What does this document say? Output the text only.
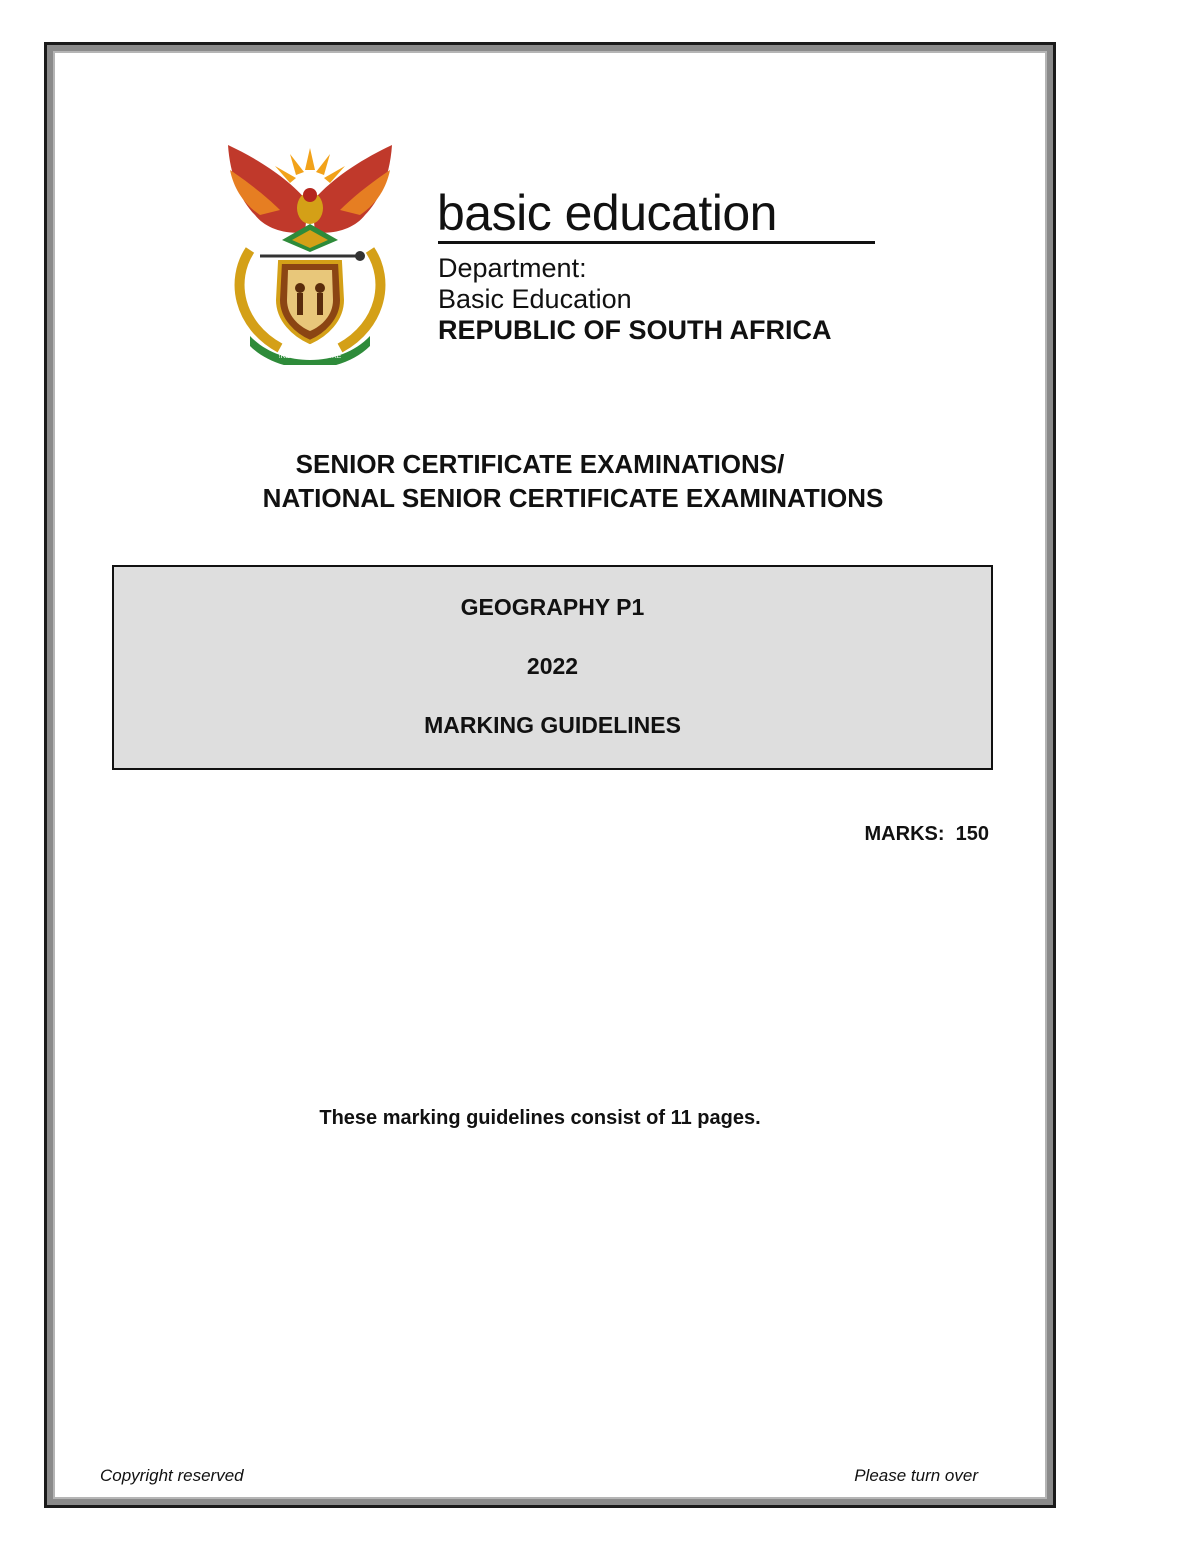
!KE E: /XARRA //KE
basic education
Department:
Basic Education
REPUBLIC OF SOUTH AFRICA
SENIOR CERTIFICATE EXAMINATIONS/
NATIONAL SENIOR CERTIFICATE EXAMINATIONS
GEOGRAPHY P1
2022
MARKING GUIDELINES
MARKS:  150
These marking guidelines consist of 11 pages.
Copyright reserved	Please turn over
